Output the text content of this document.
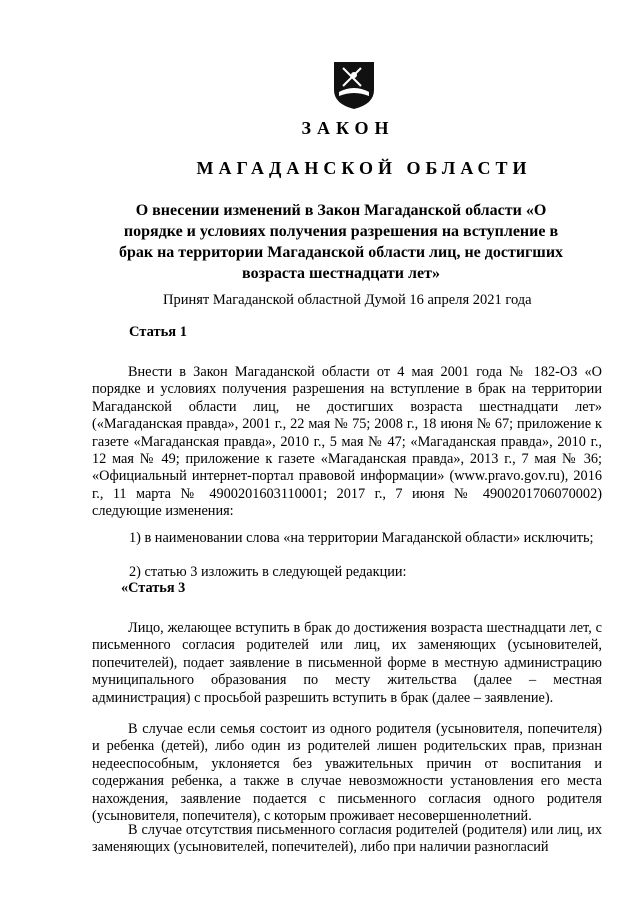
ЗАКОН
МАГАДАНСКОЙ ОБЛАСТИ
О внесении изменений в Закон Магаданской области «О порядке и условиях получения разрешения на вступление в брак на территории Магаданской области лиц, не достигших возраста шестнадцати лет»
Принят Магаданской областной Думой 16 апреля 2021 года
Статья 1

Внести в Закон Магаданской области от 4 мая 2001 года № 182-ОЗ «О порядке и условиях получения разрешения на вступление в брак на территории Магаданской области лиц, не достигших возраста шестнадцати лет» («Магаданская правда», 2001 г., 22 мая № 75; 2008 г., 18 июня № 67; приложение к газете «Магаданская правда», 2010 г., 5 мая № 47; «Магаданская правда», 2010 г., 12 мая № 49; приложение к газете «Магаданская правда», 2013 г., 7 мая № 36; «Официальный интернет-портал правовой информации» (www.pravo.gov.ru), 2016 г., 11 марта № 4900201603110001; 2017 г., 7 июня № 4900201706070002) следующие изменения:

1) в наименовании слова «на территории Магаданской области» исключить;
2) статью 3 изложить в следующей редакции:
«Статья 3

Лицо, желающее вступить в брак до достижения возраста шестнадцати лет, с письменного согласия родителей или лиц, их заменяющих (усыновителей, попечителей), подает заявление в письменной форме в местную администрацию муниципального образования по месту жительства (далее – местная администрация) с просьбой разрешить вступить в брак (далее – заявление).

В случае если семья состоит из одного родителя (усыновителя, попечителя) и ребенка (детей), либо один из родителей лишен родительских прав, признан недееспособным, уклоняется без уважительных причин от воспитания и содержания ребенка, а также в случае невозможности установления его места нахождения, заявление подается с письменного согласия одного родителя (усыновителя, попечителя), с которым проживает несовершеннолетний.

В случае отсутствия письменного согласия родителей (родителя) или лиц, их заменяющих (усыновителей, попечителей), либо при наличии разногласий
